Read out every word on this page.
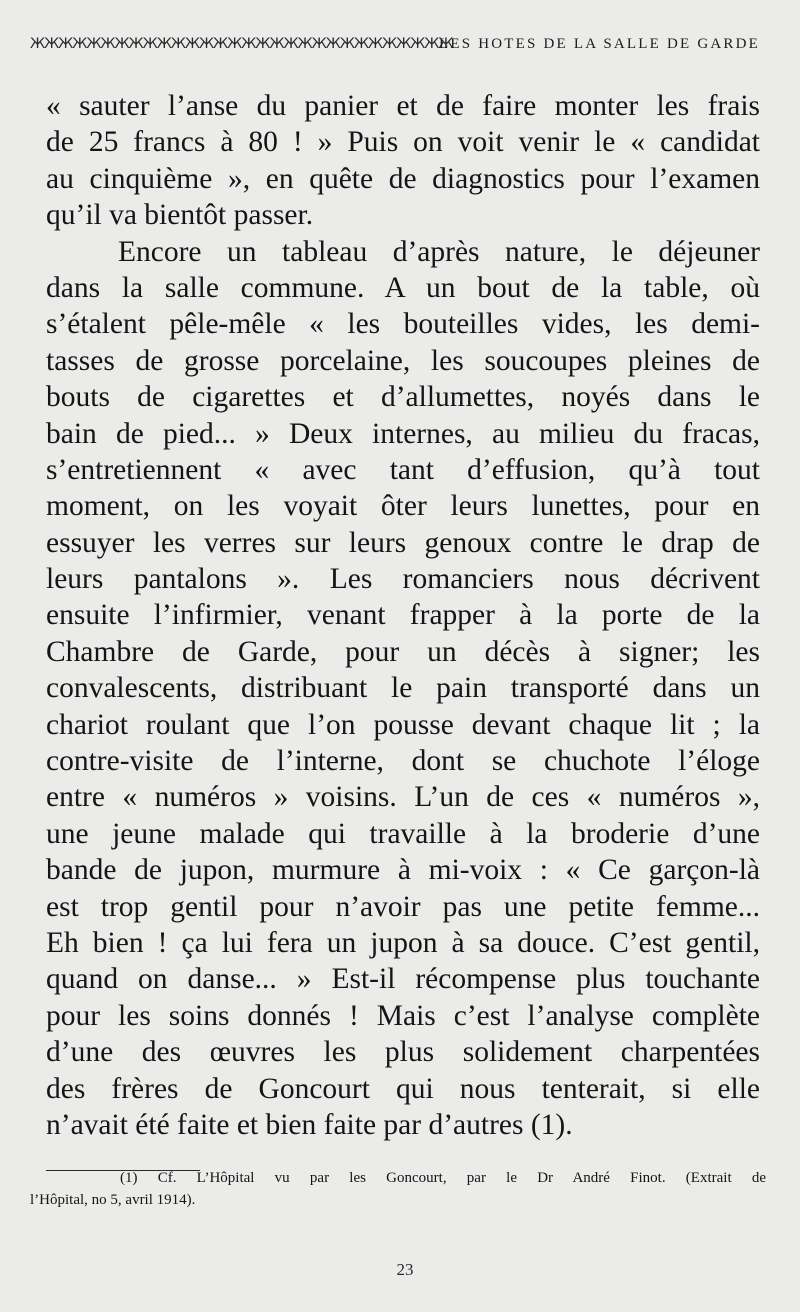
ЖЖЖЖЖЖЖЖЖЖЖЖЖЖЖЖЖЖЖЖЖЖЖЖЖЖЖЖЖЖ
LES HOTES DE LA SALLE DE GARDE
« sauter l’anse du panier et de faire monter les frais
de 25 francs à 80 ! » Puis on voit venir le « candidat
au cinquième », en quête de diagnostics pour l’examen
qu’il va bientôt passer.
Encore un tableau d’après nature, le déjeuner
dans la salle commune. A un bout de la table, où
s’étalent pêle-mêle « les bouteilles vides, les demi-
tasses de grosse porcelaine, les soucoupes pleines de
bouts de cigarettes et d’allumettes, noyés dans le
bain de pied... » Deux internes, au milieu du fracas,
s’entretiennent « avec tant d’effusion, qu’à tout
moment, on les voyait ôter leurs lunettes, pour en
essuyer les verres sur leurs genoux contre le drap de
leurs pantalons ». Les romanciers nous décrivent
ensuite l’infirmier, venant frapper à la porte de la
Chambre de Garde, pour un décès à signer; les
convalescents, distribuant le pain transporté dans un
chariot roulant que l’on pousse devant chaque lit ; la
contre-visite de l’interne, dont se chuchote l’éloge
entre « numéros » voisins. L’un de ces « numéros »,
une jeune malade qui travaille à la broderie d’une
bande de jupon, murmure à mi-voix : « Ce garçon-là
est trop gentil pour n’avoir pas une petite femme...
Eh bien ! ça lui fera un jupon à sa douce. C’est gentil,
quand on danse... » Est-il récompense plus touchante
pour les soins donnés ! Mais c’est l’analyse complète
d’une des œuvres les plus solidement charpentées
des frères de Goncourt qui nous tenterait, si elle
n’avait été faite et bien faite par d’autres (1).
(1) Cf. L’Hôpital vu par les Goncourt, par le Dr André Finot. (Extrait de
l’Hôpital, no 5, avril 1914).
23
